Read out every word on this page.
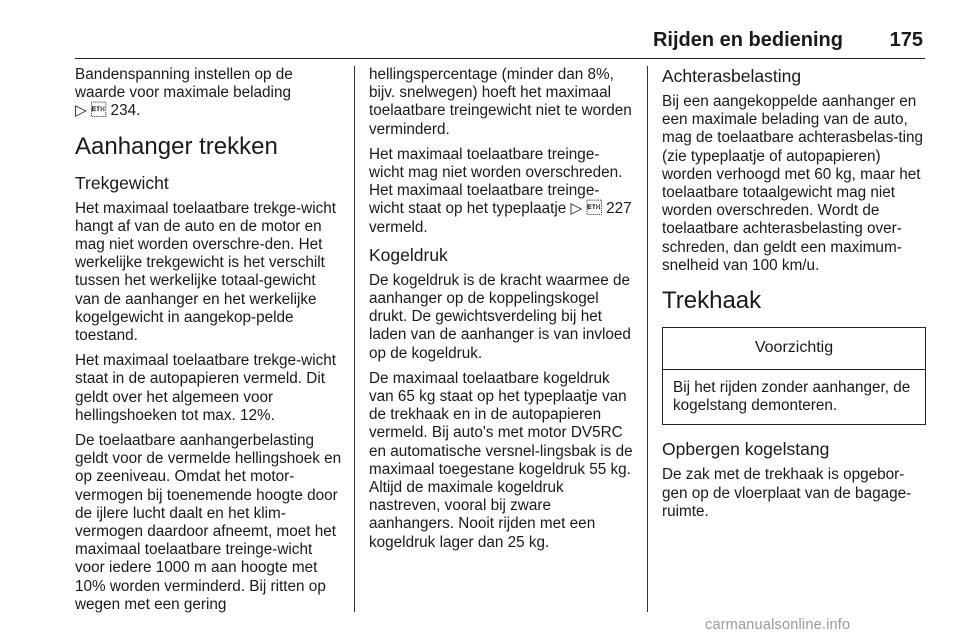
Rijden en bediening 175

Bandenspanning instellen op de waarde voor maximale belading
▷  234.

Aanhanger trekken
Trekgewicht

Het maximaal toelaatbare trekge-wicht hangt af van de auto en de motor en mag niet worden overschre-den. Het werkelijke trekgewicht is het verschilt tussen het werkelijke totaal-gewicht van de aanhanger en het werkelijke kogelgewicht in aangekop-pelde toestand.

Het maximaal toelaatbare trekge-wicht staat in de autopapieren vermeld. Dit geldt over het algemeen voor hellingshoeken tot max. 12%.

De toelaatbare aanhangerbelasting geldt voor de vermelde hellingshoek en op zeeniveau. Omdat het motor-vermogen bij toenemende hoogte door de ijlere lucht daalt en het klim-vermogen daardoor afneemt, moet het maximaal toelaatbare treinge-wicht voor iedere 1000 m aan hoogte met 10% worden verminderd. Bij ritten op wegen met een gering

hellingspercentage (minder dan 8%, bijv. snelwegen) hoeft het maximaal toelaatbare treingewicht niet te worden verminderd.

Het maximaal toelaatbare treinge-wicht mag niet worden overschreden. Het maximaal toelaatbare treinge-wicht staat op het typeplaatje ▷  227 vermeld.

Kogeldruk

De kogeldruk is de kracht waarmee de aanhanger op de koppelingskogel drukt. De gewichtsverdeling bij het laden van de aanhanger is van invloed op de kogeldruk.

De maximaal toelaatbare kogeldruk van 65 kg staat op het typeplaatje van de trekhaak en in de autopapieren vermeld. Bij auto's met motor DV5RC en automatische versnel-lingsbak is de maximaal toegestane kogeldruk 55 kg. Altijd de maximale kogeldruk nastreven, vooral bij zware aanhangers. Nooit rijden met een kogeldruk lager dan 25 kg.

Achterasbelasting

Bij een aangekoppelde aanhanger en een maximale belading van de auto, mag de toelaatbare achterasbelas-ting (zie typeplaatje of autopapieren) worden verhoogd met 60 kg, maar het toelaatbare totaalgewicht mag niet worden overschreden. Wordt de toelaatbare achterasbelasting over-schreden, dan geldt een maximum-snelheid van 100 km/u.

Trekhaak
Voorzichtig

Bij het rijden zonder aanhanger, de kogelstang demonteren.

Opbergen kogelstang

De zak met de trekhaak is opgebor-gen op de vloerplaat van de bagage-ruimte.

carmanualsonline.info
